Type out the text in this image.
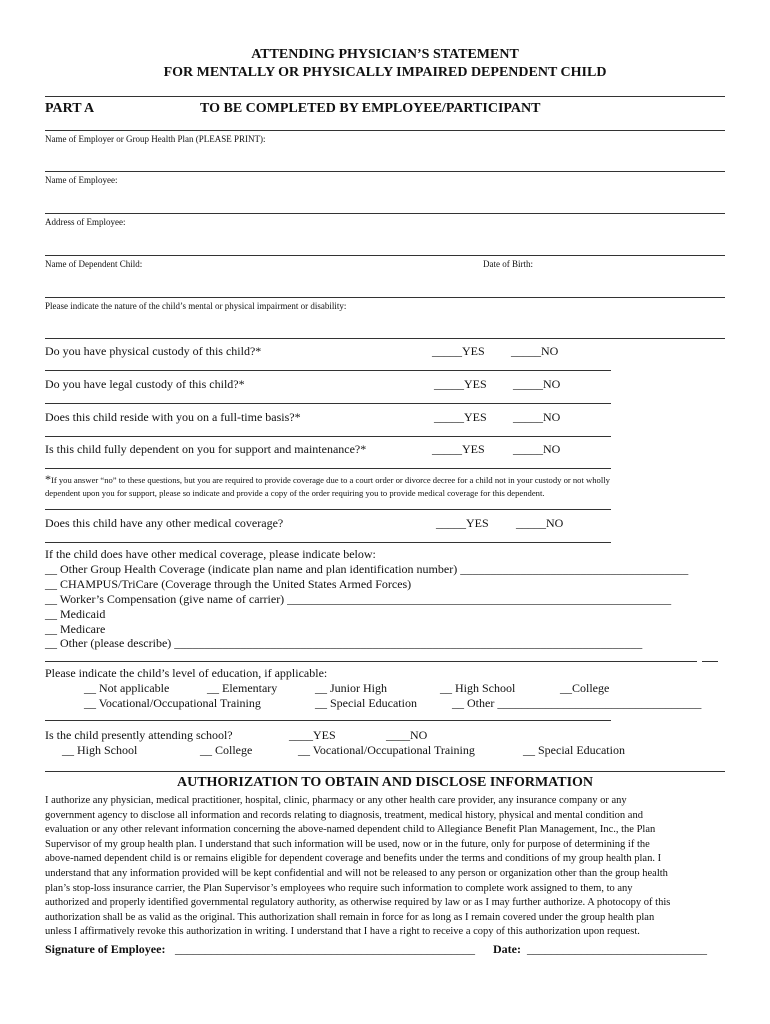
ATTENDING PHYSICIAN’S STATEMENT
FOR MENTALLY OR PHYSICALLY IMPAIRED DEPENDENT CHILD
PART A	TO BE COMPLETED BY EMPLOYEE/PARTICIPANT
Name of Employer or Group Health Plan (PLEASE PRINT):
Name of Employee:
Address of Employee:
Name of Dependent Child:	Date of Birth:
Please indicate the nature of the child’s mental or physical impairment or disability:
Do you have physical custody of this child?*	_____YES _____NO
Do you have legal custody of this child?*	_____YES _____NO
Does this child reside with you on a full-time basis?*	_____YES _____NO
Is this child fully dependent on you for support and maintenance?*	_____YES _____NO
*If you answer “no” to these questions, but you are required to provide coverage due to a court order or divorce decree for a child not in your custody or not wholly
dependent upon you for support, please so indicate and provide a copy of the order requiring you to provide medical coverage for this dependent.
Does this child have any other medical coverage?	_____YES _____NO
If the child does have other medical coverage, please indicate below:
__ Other Group Health Coverage (indicate plan name and plan identification number) ______________________________________
__ CHAMPUS/TriCare (Coverage through the United States Armed Forces)
__ Worker’s Compensation (give name of carrier) ________________________________________________________________
__ Medicaid
__ Medicare
__ Other (please describe) ______________________________________________________________________________
Please indicate the child’s level of education, if applicable:
__ Not applicable	__ Elementary	__ Junior High	__ High School	__College
__ Vocational/Occupational Training	__ Special Education	__ Other __________________________________
Is the child presently attending school?	____YES	____NO
__ High School	__ College	__ Vocational/Occupational Training	__ Special Education
AUTHORIZATION TO OBTAIN AND DISCLOSE INFORMATION
I authorize any physician, medical practitioner, hospital, clinic, pharmacy or any other health care provider, any insurance company or any
government agency to disclose all information and records relating to diagnosis, treatment, medical history, physical and mental condition and
evaluation or any other relevant information concerning the above-named dependent child to Allegiance Benefit Plan Management, Inc., the Plan
Supervisor of my group health plan. I understand that such information will be used, now or in the future, only for purpose of determining if the
above-named dependent child is or remains eligible for dependent coverage and benefits under the terms and conditions of my group health plan. I
understand that any information provided will be kept confidential and will not be released to any person or organization other than the group health
plan’s stop-loss insurance carrier, the Plan Supervisor’s employees who require such information to complete work assigned to them, to any
authorized and properly identified governmental regulatory authority, as otherwise required by law or as I may further authorize. A photocopy of this
authorization shall be as valid as the original. This authorization shall remain in force for as long as I remain covered under the group health plan
unless I affirmatively revoke this authorization in writing. I understand that I have a right to receive a copy of this authorization upon request.
Signature of Employee: __________________________________________________ Date: ______________________________
